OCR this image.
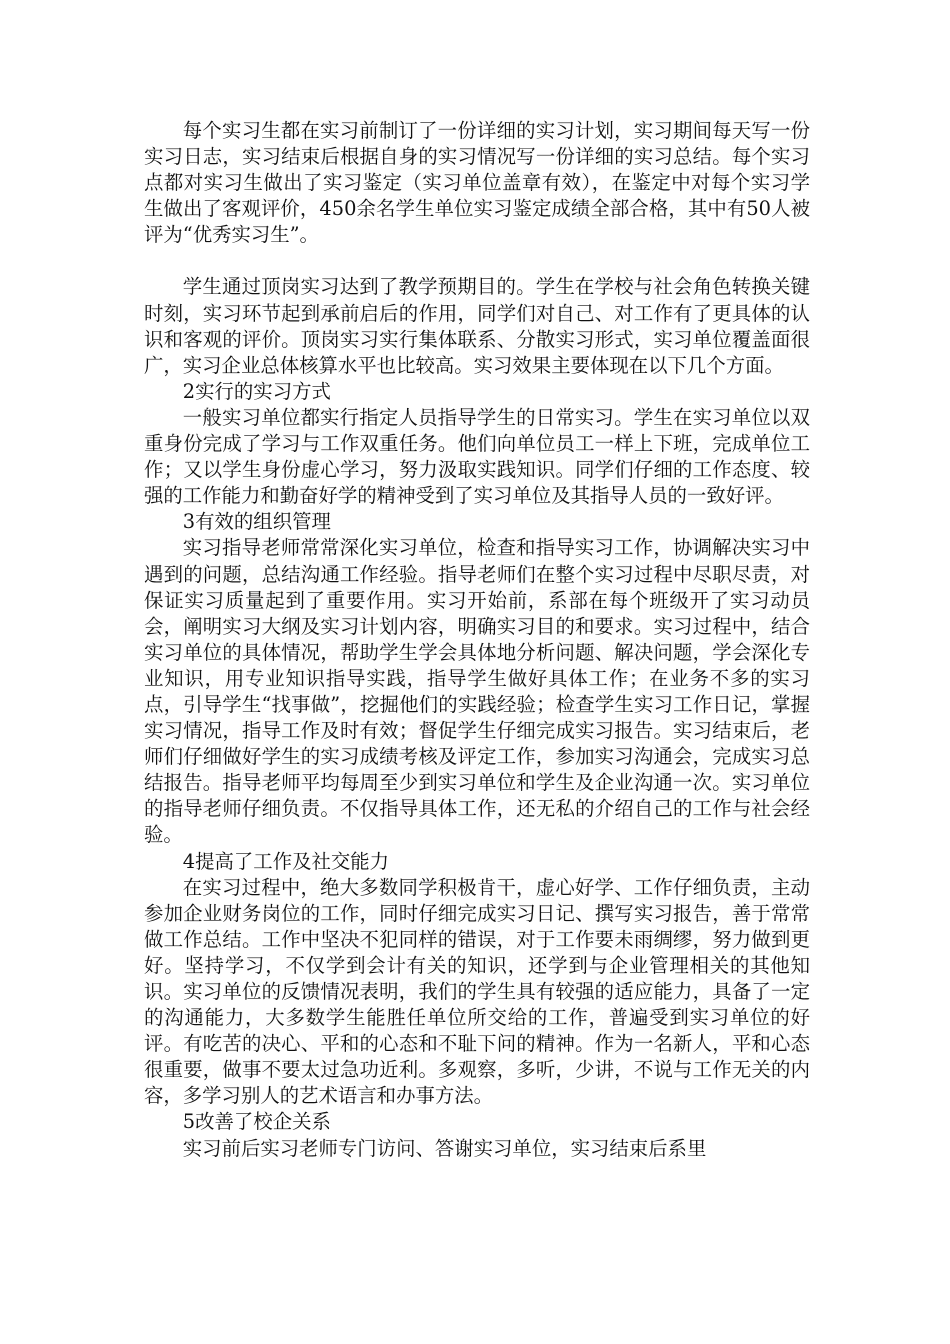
每个实习生都在实习前制订了一份详细的实习计划，实习期间每天写一份实习日志，实习结束后根据自身的实习情况写一份详细的实习总结。每个实习点都对实习生做出了实习鉴定（实习单位盖章有效），在鉴定中对每个实习学生做出了客观评价，450余名学生单位实习鉴定成绩全部合格，其中有50人被评为“优秀实习生”。

学生通过顶岗实习达到了教学预期目的。学生在学校与社会角色转换关键时刻，实习环节起到承前启后的作用，同学们对自己、对工作有了更具体的认识和客观的评价。顶岗实习实行集体联系、分散实习形式，实习单位覆盖面很广，实习企业总体核算水平也比较高。实习效果主要体现在以下几个方面。

2实行的实习方式

一般实习单位都实行指定人员指导学生的日常实习。学生在实习单位以双重身份完成了学习与工作双重任务。他们向单位员工一样上下班，完成单位工作；又以学生身份虚心学习，努力汲取实践知识。同学们仔细的工作态度、较强的工作能力和勤奋好学的精神受到了实习单位及其指导人员的一致好评。

3有效的组织管理

实习指导老师常常深化实习单位，检查和指导实习工作，协调解决实习中遇到的问题，总结沟通工作经验。指导老师们在整个实习过程中尽职尽责，对保证实习质量起到了重要作用。实习开始前，系部在每个班级开了实习动员会，阐明实习大纲及实习计划内容，明确实习目的和要求。实习过程中，结合实习单位的具体情况，帮助学生学会具体地分析问题、解决问题，学会深化专业知识，用专业知识指导实践，指导学生做好具体工作；在业务不多的实习点，引导学生“找事做”，挖掘他们的实践经验；检查学生实习工作日记，掌握实习情况，指导工作及时有效；督促学生仔细完成实习报告。实习结束后，老师们仔细做好学生的实习成绩考核及评定工作，参加实习沟通会，完成实习总结报告。指导老师平均每周至少到实习单位和学生及企业沟通一次。实习单位的指导老师仔细负责。不仅指导具体工作，还无私的介绍自己的工作与社会经验。

4提高了工作及社交能力

在实习过程中，绝大多数同学积极肯干，虚心好学、工作仔细负责，主动参加企业财务岗位的工作，同时仔细完成实习日记、撰写实习报告，善于常常做工作总结。工作中坚决不犯同样的错误，对于工作要未雨绸缪，努力做到更好。坚持学习，不仅学到会计有关的知识，还学到与企业管理相关的其他知识。实习单位的反馈情况表明，我们的学生具有较强的适应能力，具备了一定的沟通能力，大多数学生能胜任单位所交给的工作，普遍受到实习单位的好评。有吃苦的决心、平和的心态和不耻下问的精神。作为一名新人，平和心态很重要，做事不要太过急功近利。多观察，多听，少讲，不说与工作无关的内容，多学习别人的艺术语言和办事方法。

5改善了校企关系

实习前后实习老师专门访问、答谢实习单位，实习结束后系里
